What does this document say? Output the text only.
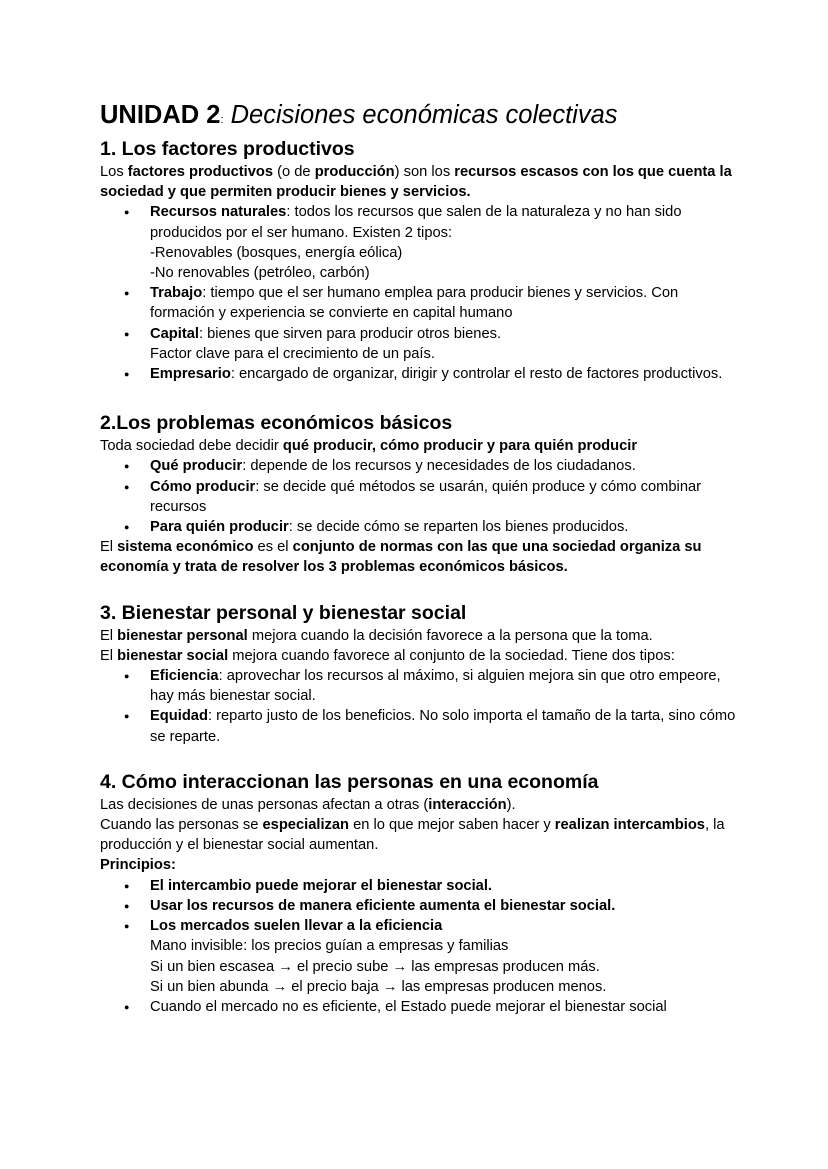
UNIDAD 2: Decisiones económicas colectivas
1. Los factores productivos

Los factores productivos (o de producción) son los recursos escasos con los que cuenta la sociedad y que permiten producir bienes y servicios.

● Recursos naturales: todos los recursos que salen de la naturaleza y no han sido producidos por el ser humano. Existen 2 tipos:
-Renovables (bosques, energía eólica)
-No renovables (petróleo, carbón)
● Trabajo: tiempo que el ser humano emplea para producir bienes y servicios. Con formación y experiencia se convierte en capital humano
● Capital: bienes que sirven para producir otros bienes.
Factor clave para el crecimiento de un país.
● Empresario: encargado de organizar, dirigir y controlar el resto de factores productivos.
2.Los problemas económicos básicos

Toda sociedad debe decidir qué producir, cómo producir y para quién producir

● Qué producir: depende de los recursos y necesidades de los ciudadanos.
● Cómo producir: se decide qué métodos se usarán, quién produce y cómo combinar recursos
● Para quién producir: se decide cómo se reparten los bienes producidos.

El sistema económico es el conjunto de normas con las que una sociedad organiza su economía y trata de resolver los 3 problemas económicos básicos.

3. Bienestar personal y bienestar social

El bienestar personal mejora cuando la decisión favorece a la persona que la toma.

El bienestar social mejora cuando favorece al conjunto de la sociedad. Tiene dos tipos:

● Eficiencia: aprovechar los recursos al máximo, si alguien mejora sin que otro empeore, hay más bienestar social.
● Equidad: reparto justo de los beneficios. No solo importa el tamaño de la tarta, sino cómo se reparte.
4. Cómo interaccionan las personas en una economía

Las decisiones de unas personas afectan a otras (interacción).

Cuando las personas se especializan en lo que mejor saben hacer y realizan intercambios, la producción y el bienestar social aumentan.

Principios:

● El intercambio puede mejorar el bienestar social.
● Usar los recursos de manera eficiente aumenta el bienestar social.
● Los mercados suelen llevar a la eficiencia
Mano invisible: los precios guían a empresas y familias
Si un bien escasea → el precio sube → las empresas producen más.
Si un bien abunda → el precio baja → las empresas producen menos.
● Cuando el mercado no es eficiente, el Estado puede mejorar el bienestar social
